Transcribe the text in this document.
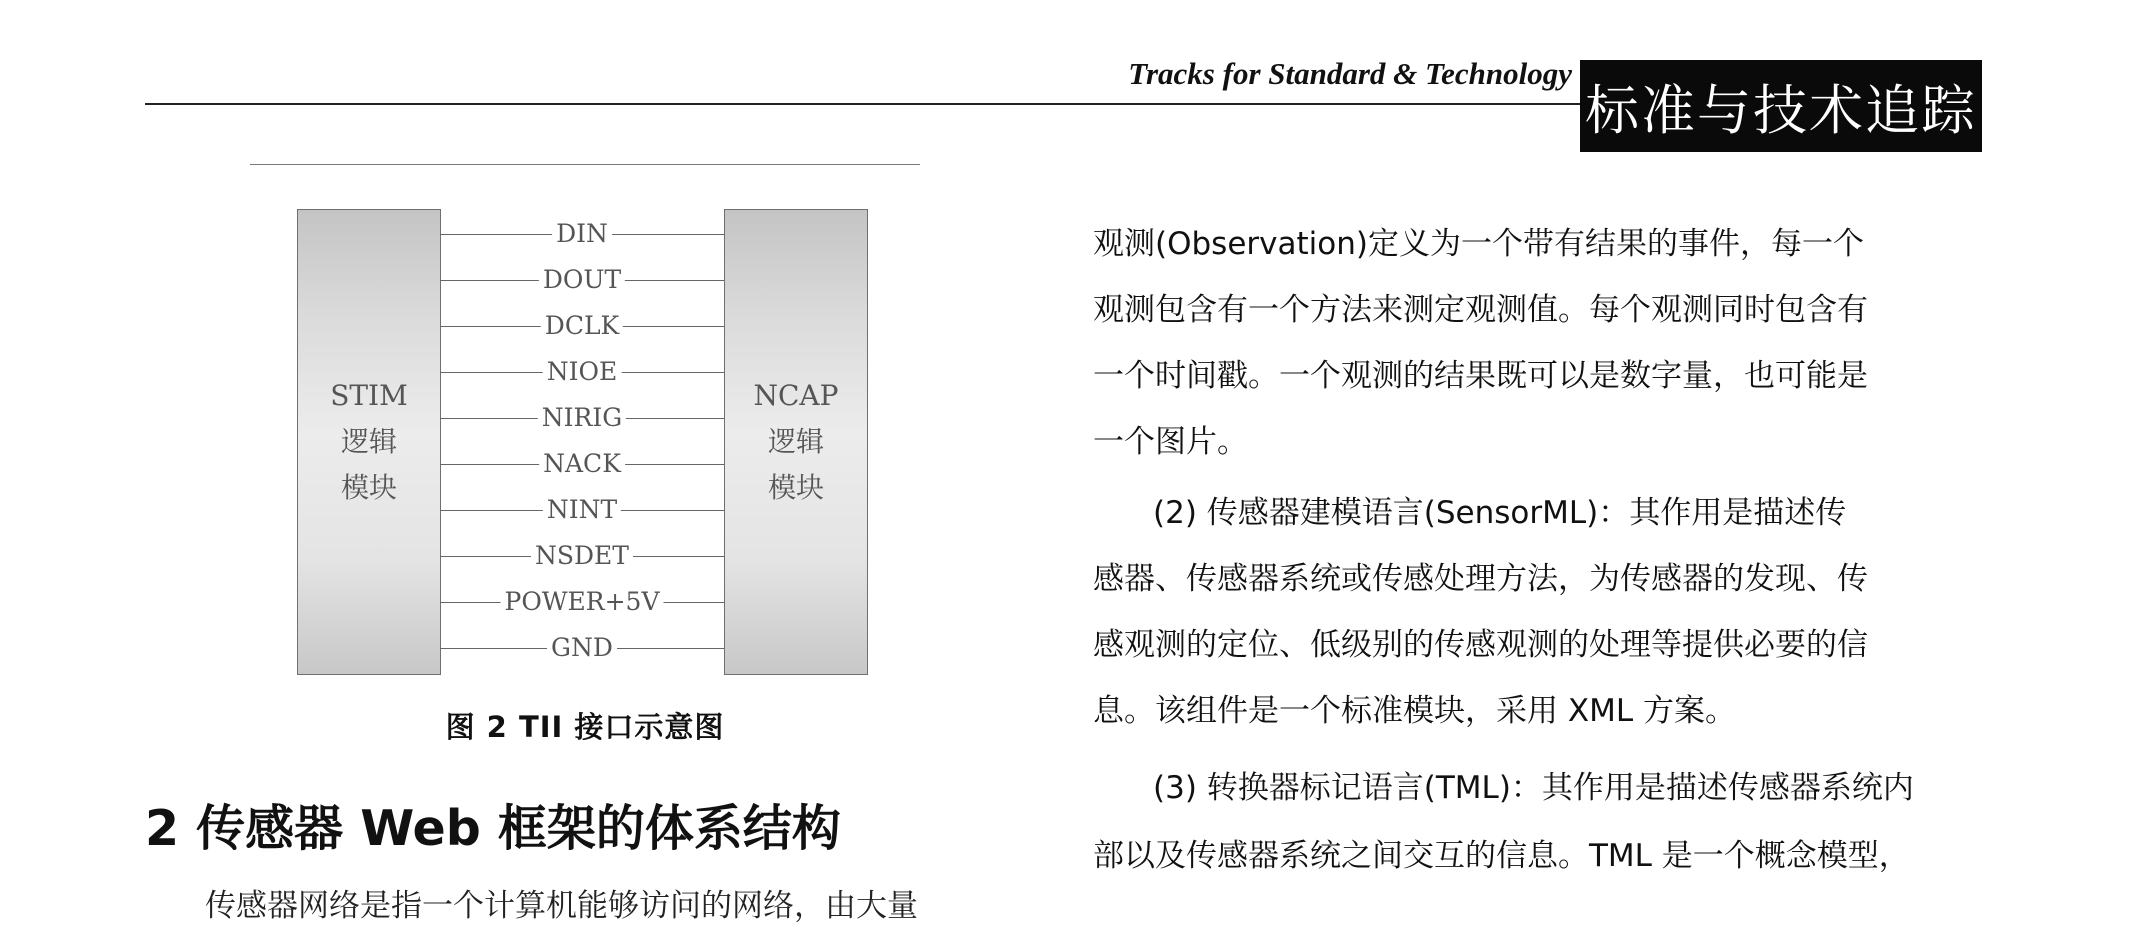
Tracks for Standard & Technology
标准与技术追踪
STIM
逻辑
模块
NCAP
逻辑
模块
DIN
DOUT
DCLK
NIOE
NIRIG
NACK
NINT
NSDET
POWER+5V
GND
图 2 TII 接口示意图
2 传感器 Web 框架的体系结构
传感器网络是指一个计算机能够访问的网络，由大量
观测(Observation)定义为一个带有结果的事件，每一个
观测包含有一个方法来测定观测值。每个观测同时包含有
一个时间戳。一个观测的结果既可以是数字量，也可能是
一个图片。
(2) 传感器建模语言(SensorML)：其作用是描述传
感器、传感器系统或传感处理方法，为传感器的发现、传
感观测的定位、低级别的传感观测的处理等提供必要的信
息。该组件是一个标准模块，采用 XML 方案。
(3) 转换器标记语言(TML)：其作用是描述传感器系统内
部以及传感器系统之间交互的信息。TML 是一个概念模型，
